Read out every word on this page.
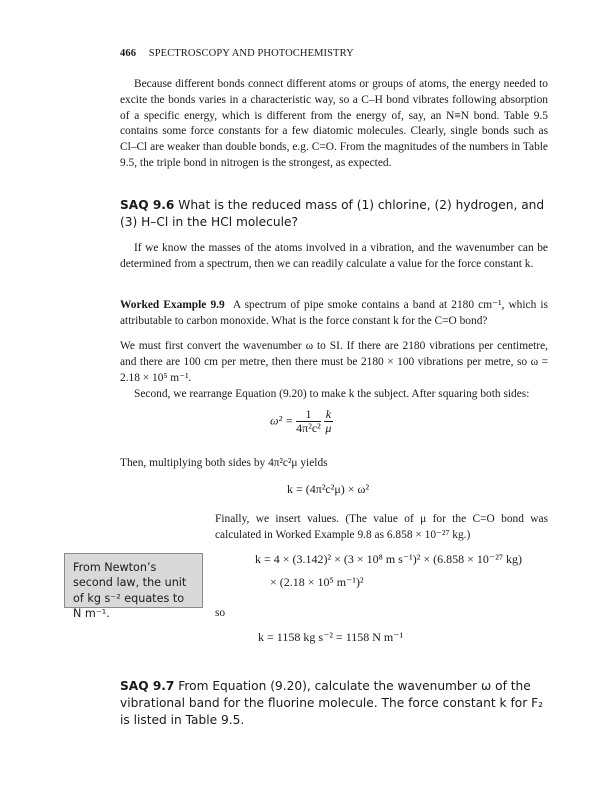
466 SPECTROSCOPY AND PHOTOCHEMISTRY
Because different bonds connect different atoms or groups of atoms, the energy needed to excite the bonds varies in a characteristic way, so a C–H bond vibrates following absorption of a specific energy, which is different from the energy of, say, an N≡N bond. Table 9.5 contains some force constants for a few diatomic molecules. Clearly, single bonds such as Cl–Cl are weaker than double bonds, e.g. C=O. From the magnitudes of the numbers in Table 9.5, the triple bond in nitrogen is the strongest, as expected.
SAQ 9.6 What is the reduced mass of (1) chlorine, (2) hydrogen, and (3) H–Cl in the HCl molecule?
If we know the masses of the atoms involved in a vibration, and the wavenumber can be determined from a spectrum, then we can readily calculate a value for the force constant k.
Worked Example 9.9 A spectrum of pipe smoke contains a band at 2180 cm⁻¹, which is attributable to carbon monoxide. What is the force constant k for the C=O bond?
We must first convert the wavenumber ω to SI. If there are 2180 vibrations per centimetre, and there are 100 cm per metre, then there must be 2180 × 100 vibrations per metre, so ω = 2.18 × 10⁵ m⁻¹.
Second, we rearrange Equation (9.20) to make k the subject. After squaring both sides:
$\omega^2 = \frac{1}{\text{4π²c²}}$
$\frac{k}{\mu}$
Then, multiplying both sides by 4π²c²μ yields
k = (4π²c²μ) × ω²
Finally, we insert values. (The value of μ for the C=O bond was calculated in Worked Example 9.8 as 6.858 × 10⁻²⁷ kg.)
From Newton’s second law, the unit of kg s⁻² equates to N m⁻¹.
k = 4 × (3.142)² × (3 × 10⁸ m s⁻¹)² × (6.858 × 10⁻²⁷ kg)
× (2.18 × 10⁵ m⁻¹)²
so
k = 1158 kg s⁻² = 1158 N m⁻¹
SAQ 9.7 From Equation (9.20), calculate the wavenumber ω of the vibrational band for the fluorine molecule. The force constant k for F₂ is listed in Table 9.5.
